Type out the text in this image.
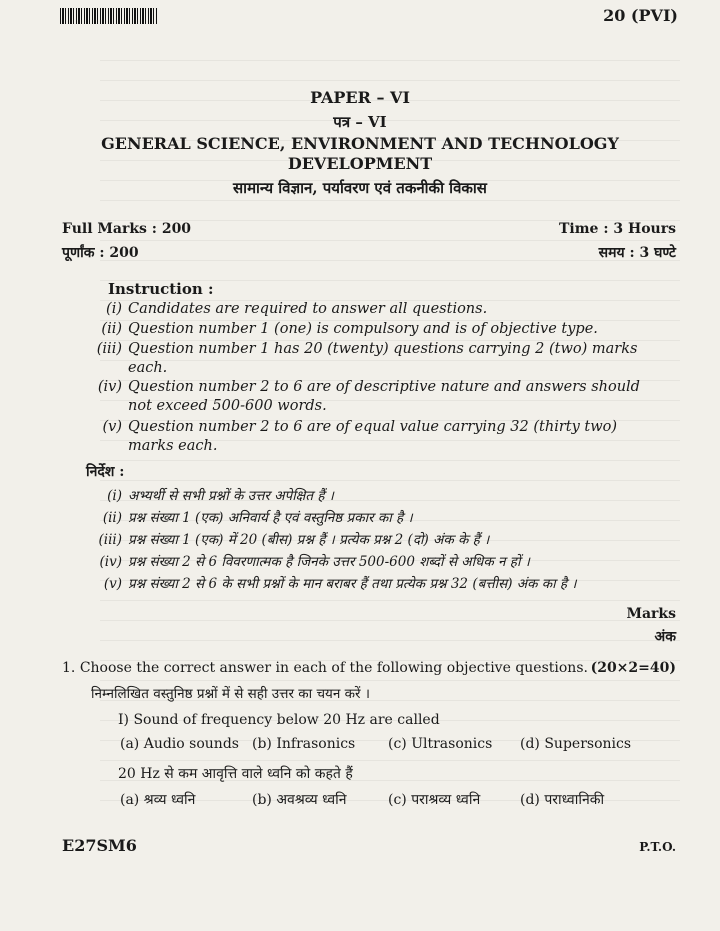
20 (PVI)
PAPER – VI
पत्र – VI
GENERAL SCIENCE, ENVIRONMENT AND TECHNOLOGY
DEVELOPMENT
सामान्य विज्ञान, पर्यावरण एवं तकनीकी विकास
Full Marks : 200
पूर्णांक : 200
Time : 3 Hours
समय : 3 घण्टे
Instruction :
(i) Candidates are required to answer all questions.
(ii) Question number 1 (one) is compulsory and is of objective type.
(iii) Question number 1 has 20 (twenty) questions carrying 2 (two) marks each.
(iv) Question number 2 to 6 are of descriptive nature and answers should not exceed 500-600 words.
(v) Question number 2 to 6 are of equal value carrying 32 (thirty two) marks each.
निर्देश :
(i) अभ्यर्थी से सभी प्रश्नों के उत्तर अपेक्षित हैं ।
(ii) प्रश्न संख्या 1 (एक) अनिवार्य है एवं वस्तुनिष्ठ प्रकार का है ।
(iii) प्रश्न संख्या 1 (एक) में 20 (बीस) प्रश्न हैं । प्रत्येक प्रश्न 2 (दो) अंक के हैं ।
(iv) प्रश्न संख्या 2 से 6 विवरणात्मक है जिनके उत्तर 500-600 शब्दों से अधिक न हों ।
(v) प्रश्न संख्या 2 से 6 के सभी प्रश्नों के मान बराबर हैं तथा प्रत्येक प्रश्न 32 (बत्तीस) अंक का है ।
Marks
अंक
1. Choose the correct answer in each of the following objective questions. (20×2=40)
निम्नलिखित वस्तुनिष्ठ प्रश्नों में से सही उत्तर का चयन करें ।
I) Sound of frequency below 20 Hz are called
(a) Audio sounds (b) Infrasonics (c) Ultrasonics (d) Supersonics
20 Hz से कम आवृत्ति वाले ध्वनि को कहते हैं
(a) श्रव्य ध्वनि	(b) अवश्रव्य ध्वनि	(c) पराश्रव्य ध्वनि	(d) पराध्वानिकी
E27SM6	P.T.O.
